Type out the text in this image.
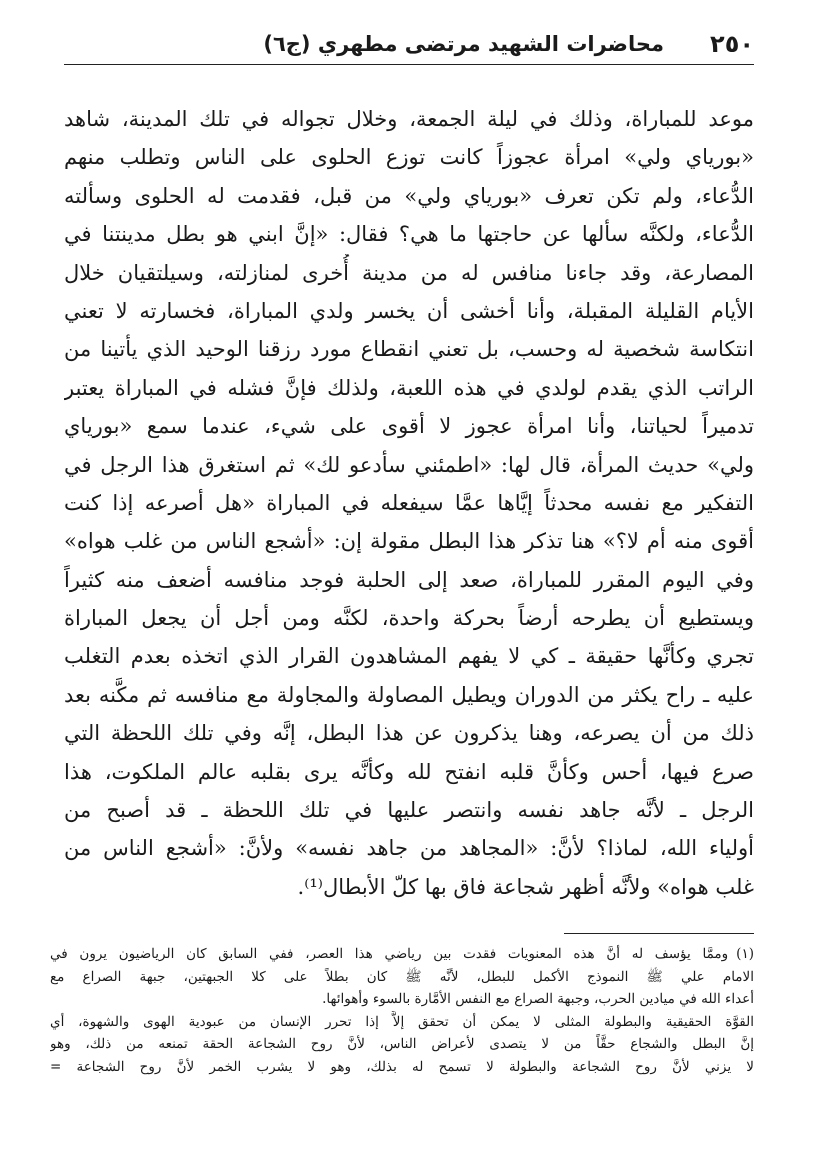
٢٥٠
محاضرات الشهيد مرتضى مطهري (ج٦)
موعد للمباراة، وذلك في ليلة الجمعة، وخلال تجواله في تلك المدينة، شاهد
«بورياي ولي» امرأة عجوزاً كانت توزع الحلوى على الناس وتطلب منهم
الدُّعاء، ولم تكن تعرف «بورياي ولي» من قبل، فقدمت له الحلوى وسألته
الدُّعاء، ولكنَّه سألها عن حاجتها ما هي؟ فقال: «إنَّ ابني هو بطل مدينتنا في
المصارعة، وقد جاءنا منافس له من مدينة أُخرى لمنازلته، وسيلتقيان خلال
الأيام القليلة المقبلة، وأنا أخشى أن يخسر ولدي المباراة، فخسارته لا تعني
انتكاسة شخصية له وحسب، بل تعني انقطاع مورد رزقنا الوحيد الذي يأتينا من
الراتب الذي يقدم لولدي في هذه اللعبة، ولذلك فإنَّ فشله في المباراة يعتبر
تدميراً لحياتنا، وأنا امرأة عجوز لا أقوى على شيء، عندما سمع «بورياي
ولي» حديث المرأة، قال لها: «اطمئني سأدعو لك» ثم استغرق هذا الرجل في
التفكير مع نفسه محدثاً إيَّاها عمَّا سيفعله في المباراة «هل أصرعه إذا كنت
أقوى منه أم لا؟» هنا تذكر هذا البطل مقولة إن: «أشجع الناس من غلب هواه»
وفي اليوم المقرر للمباراة، صعد إلى الحلبة فوجد منافسه أضعف منه كثيراً
ويستطيع أن يطرحه أرضاً بحركة واحدة، لكنَّه ومن أجل أن يجعل المباراة
تجري وكأنَّها حقيقة ـ كي لا يفهم المشاهدون القرار الذي اتخذه بعدم التغلب
عليه ـ راح يكثر من الدوران ويطيل المصاولة والمجاولة مع منافسه ثم مكَّنه بعد
ذلك من أن يصرعه، وهنا يذكرون عن هذا البطل، إنَّه وفي تلك اللحظة التي
صرع فيها، أحس وكأنَّ قلبه انفتح لله وكأنَّه يرى بقلبه عالم الملكوت، هذا
الرجل ـ لأنَّه جاهد نفسه وانتصر عليها في تلك اللحظة ـ قد أصبح من
أولياء الله، لماذا؟ لأنَّ: «المجاهد من جاهد نفسه» ولأنَّ: «أشجع الناس من
غلب هواه» ولأنَّه أظهر شجاعة فاق بها كلّ الأبطال⁽¹⁾.
(١)وممَّا يؤسف له أنَّ هذه المعنويات فقدت بين رياضي هذا العصر، ففي السابق كان الرياضيون يرون في
الامام علي ﷺ النموذج الأكمل للبطل، لأنَّه ﷺ كان بطلاً على كلا الجبهتين، جبهة الصراع مع
أعداء الله في ميادين الحرب، وجبهة الصراع مع النفس الأمَّارة بالسوء وأهوائها.
القوَّة الحقيقية والبطولة المثلى لا يمكن أن تحقق إلاَّ إذا تحرر الإنسان من عبودية الهوى والشهوة، أي
إنَّ البطل والشجاع حقَّاً من لا يتصدى لأعراض الناس، لأنَّ روح الشجاعة الحقة تمنعه من ذلك، وهو
لا يزني لأنَّ روح الشجاعة والبطولة لا تسمح له بذلك، وهو لا يشرب الخمر لأنَّ روح الشجاعة =
